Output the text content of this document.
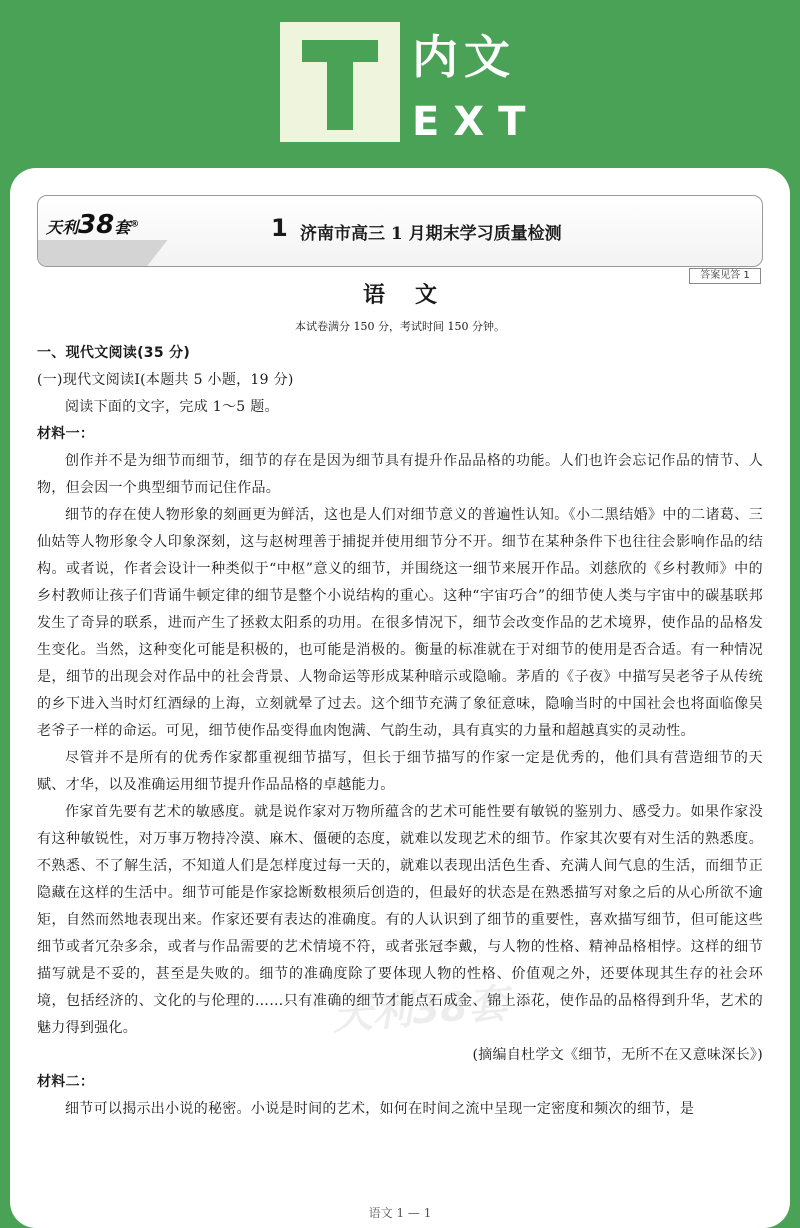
内文
EXT
天利38套®	1 济南市高三 1 月期末学习质量检测
答案见答 1
语文
本试卷满分 150 分，考试时间 150 分钟。

一、现代文阅读(35 分)

(一)现代文阅读Ⅰ(本题共 5 小题，19 分)

阅读下面的文字，完成 1～5 题。

材料一：

创作并不是为细节而细节，细节的存在是因为细节具有提升作品品格的功能。人们也许会忘记作品的情节、人物，但会因一个典型细节而记住作品。

细节的存在使人物形象的刻画更为鲜活，这也是人们对细节意义的普遍性认知。《小二黑结婚》中的二诸葛、三仙姑等人物形象令人印象深刻，这与赵树理善于捕捉并使用细节分不开。细节在某种条件下也往往会影响作品的结构。或者说，作者会设计一种类似于“中枢”意义的细节，并围绕这一细节来展开作品。刘慈欣的《乡村教师》中的乡村教师让孩子们背诵牛顿定律的细节是整个小说结构的重心。这种“宇宙巧合”的细节使人类与宇宙中的碳基联邦发生了奇异的联系，进而产生了拯救太阳系的功用。在很多情况下，细节会改变作品的艺术境界，使作品的品格发生变化。当然，这种变化可能是积极的，也可能是消极的。衡量的标准就在于对细节的使用是否合适。有一种情况是，细节的出现会对作品中的社会背景、人物命运等形成某种暗示或隐喻。茅盾的《子夜》中描写吴老爷子从传统的乡下进入当时灯红酒绿的上海，立刻就晕了过去。这个细节充满了象征意味，隐喻当时的中国社会也将面临像吴老爷子一样的命运。可见，细节使作品变得血肉饱满、气韵生动，具有真实的力量和超越真实的灵动性。

尽管并不是所有的优秀作家都重视细节描写，但长于细节描写的作家一定是优秀的，他们具有营造细节的天赋、才华，以及准确运用细节提升作品品格的卓越能力。

作家首先要有艺术的敏感度。就是说作家对万物所蕴含的艺术可能性要有敏锐的鉴别力、感受力。如果作家没有这种敏锐性，对万事万物持冷漠、麻木、僵硬的态度，就难以发现艺术的细节。作家其次要有对生活的熟悉度。不熟悉、不了解生活，不知道人们是怎样度过每一天的，就难以表现出活色生香、充满人间气息的生活，而细节正隐藏在这样的生活中。细节可能是作家捻断数根须后创造的，但最好的状态是在熟悉描写对象之后的从心所欲不逾矩，自然而然地表现出来。作家还要有表达的准确度。有的人认识到了细节的重要性，喜欢描写细节，但可能这些细节或者冗杂多余，或者与作品需要的艺术情境不符，或者张冠李戴，与人物的性格、精神品格相悖。这样的细节描写就是不妥的，甚至是失败的。细节的准确度除了要体现人物的性格、价值观之外，还要体现其生存的社会环境，包括经济的、文化的与伦理的……只有准确的细节才能点石成金、锦上添花，使作品的品格得到升华，艺术的魅力得到强化。

(摘编自杜学文《细节，无所不在又意味深长》)

材料二：

细节可以揭示出小说的秘密。小说是时间的艺术，如何在时间之流中呈现一定密度和频次的细节，是

天利38套
语文 1 — 1
